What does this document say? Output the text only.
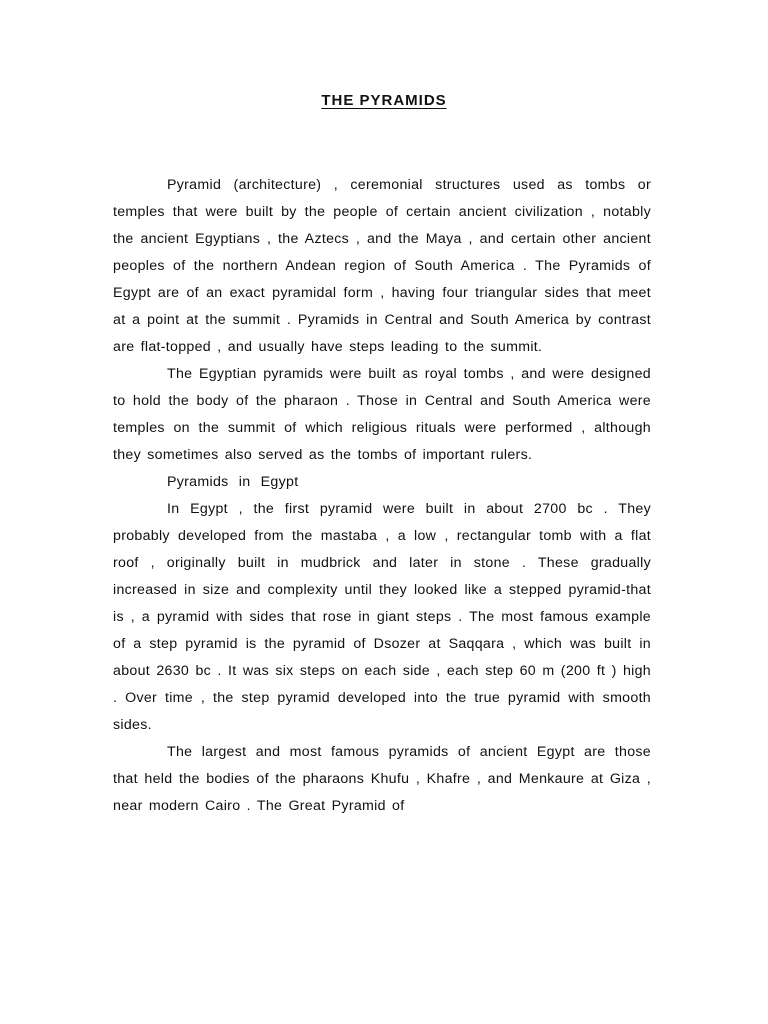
THE PYRAMIDS

Pyramid (architecture) , ceremonial structures used as tombs or temples that were built by the people of certain ancient civilization , notably the ancient Egyptians , the Aztecs , and the Maya , and certain other ancient peoples of the northern Andean region of South America . The Pyramids of Egypt are of an exact pyramidal form , having four triangular sides that meet at a point at the summit . Pyramids in Central and South America by contrast are flat-topped , and usually have steps leading to the summit.

The Egyptian pyramids were built as royal tombs , and were designed to hold the body of the pharaon . Those in Central and South America were temples on the summit of which religious rituals were performed , although they sometimes also served as the tombs of important rulers.

Pyramids in Egypt

In Egypt , the first pyramid were built in about 2700 bc . They probably developed from the mastaba , a low , rectangular tomb with a flat roof , originally built in mudbrick and later in stone . These gradually increased in size and complexity until they looked like a stepped pyramid-that is , a pyramid with sides that rose in giant steps . The most famous example of a step pyramid is the pyramid of Dsozer at Saqqara , which was built in about 2630 bc . It was six steps on each side , each step 60 m (200 ft ) high . Over time , the step pyramid developed into the true pyramid with smooth sides.

The largest and most famous pyramids of ancient Egypt are those that held the bodies of the pharaons Khufu , Khafre , and Menkaure at Giza , near modern Cairo . The Great Pyramid of
